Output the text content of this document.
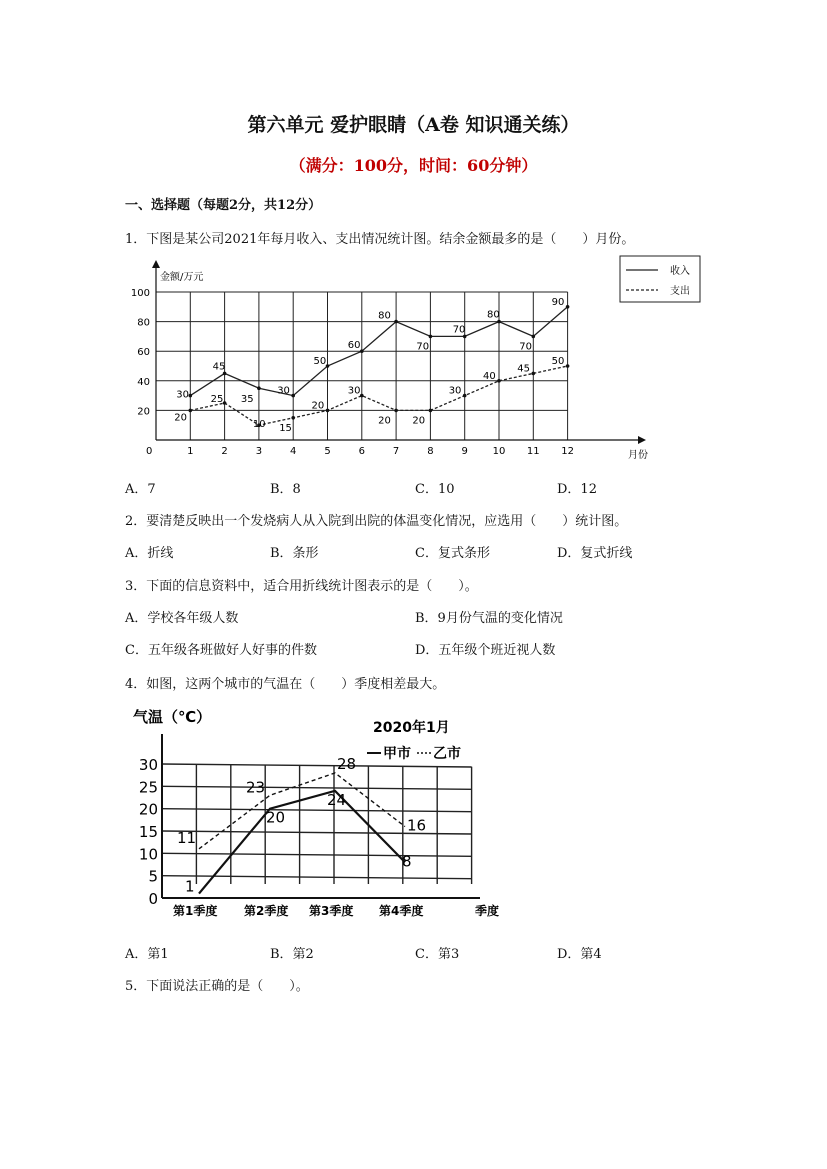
第六单元 爱护眼睛（A卷 知识通关练）
（满分：100分，时间：60分钟）
一、选择题（每题2分，共12分）
1．下图是某公司2021年每月收入、支出情况统计图。结余金额最多的是（　　）月份。
金额/万元
月份
0
20
40
60
80
100
1	2	3	4	5	6	7	8	9 10 11 12
30
45
35
30
50
60
80
70
70
80
70
90
20
25
10 15
20
30
20 20
30
40
45
50
收入
支出
A．7	B．8	C．10	D．12
2．要清楚反映出一个发烧病人从入院到出院的体温变化情况，应选用（　　）统计图。
A．折线	B．条形	C．复式条形	D．复式折线
3．下面的信息资料中，适合用折线统计图表示的是（　　）。
A．学校各年级人数	B．9月份气温的变化情况
C．五年级各班做好人好事的件数	D．五年级个班近视人数
4．如图，这两个城市的气温在（　　）季度相差最大。
气温（℃）
2020年1月
0
5
10
15
20
25
30
第1季度 第2季度 第3季度 第4季度	季度
1
20
24
8
11
23
28
16
甲市 乙市
A．第1	B．第2	C．第3	D．第4
5．下面说法正确的是（　　）。
